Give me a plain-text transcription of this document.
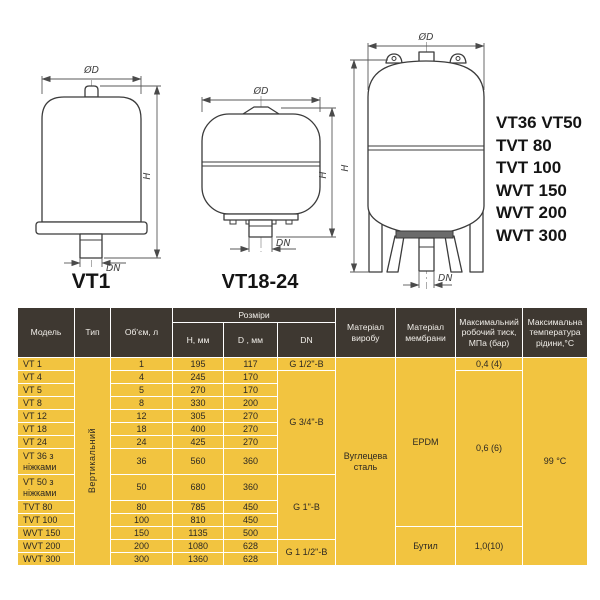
ØD
H
DN
ØD
H
DN
ØD
H
DN
VT1	VT18-24
VT36 VT50
TVT 80
TVT 100
WVT 150
WVT 200
WVT 300
Модель	Тип	Об'єм, л	Розміри			Матеріал виробу	Матеріал мембрани	Максимальний робочий тиск, МПа (бар)	Максимальна температура рідини,°С
			Н, мм	D , мм	DN				
VT 1	Вертикальний	1	195	117	G 1/2"-В	Вуглецева сталь	EPDM	0,4 (4)	99 °С
VT 4		4	245	170	G 3/4"-В			0,6 (6)	
VT 5		5	270	170					
VT 8		8	330	200					
VT 12		12	305	270					
VT 18		18	400	270					
VT 24		24	425	270					
VT 36 з ніжками		36	560	360					
VT 50 з ніжками		50	680	360	G 1"-В				
TVT 80		80	785	450					
TVT 100		100	810	450					
WVT 150		150	1135	500			Бутил	1,0(10)	
WVT 200		200	1080	628	G 1 1/2"-В				
WVT 300		300	1360	628					
